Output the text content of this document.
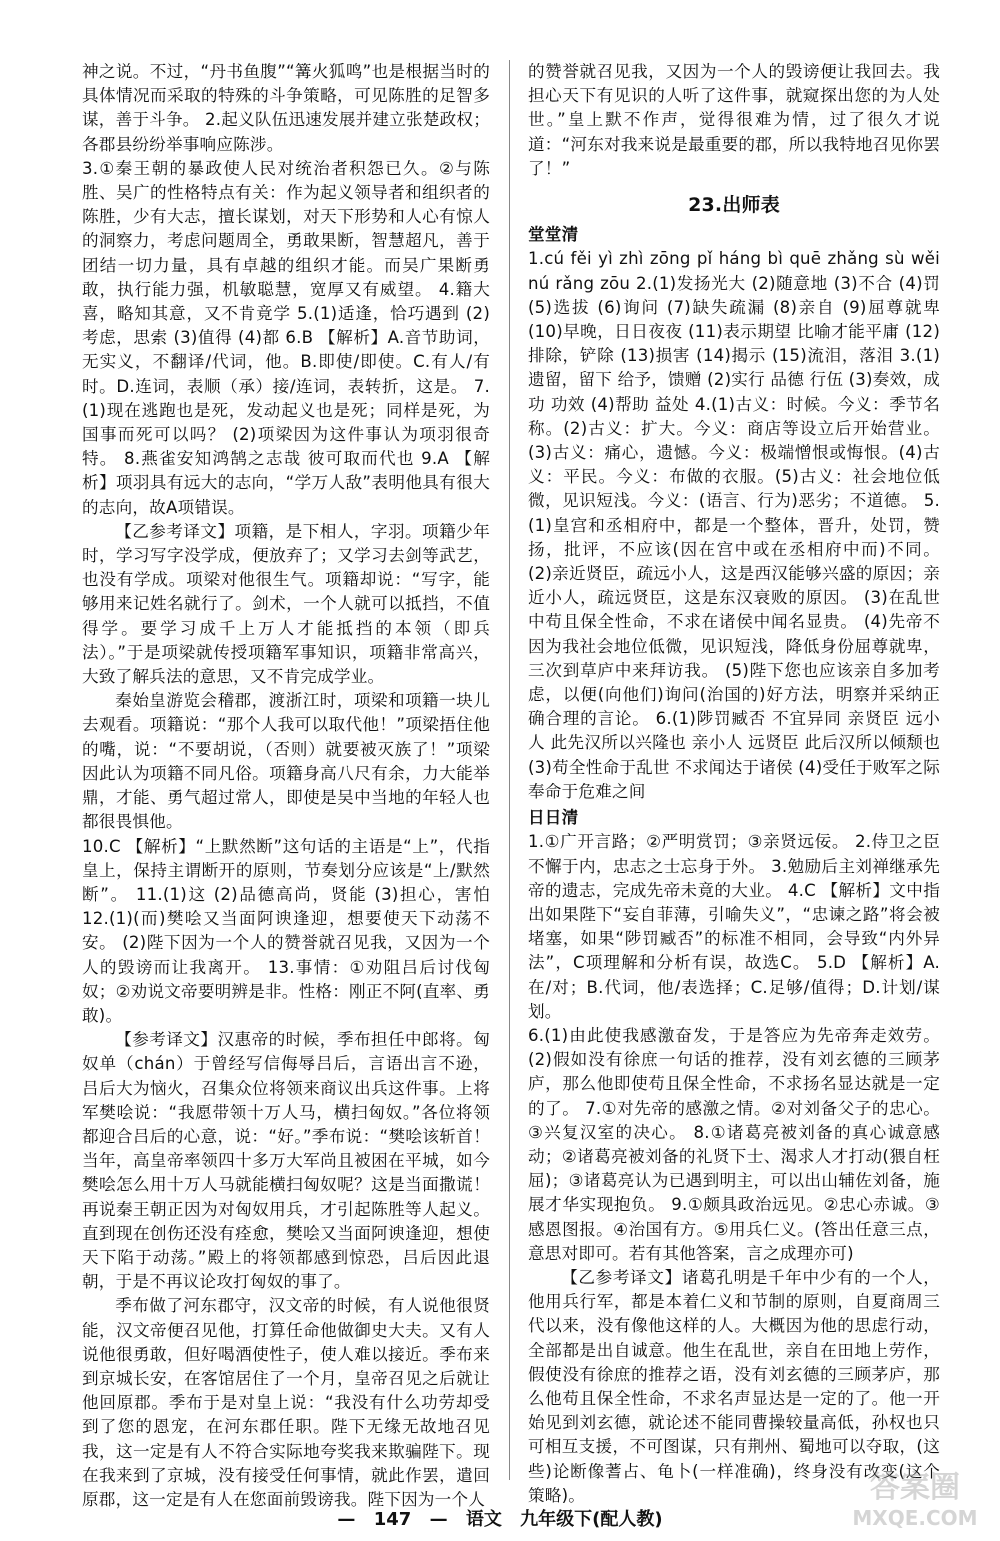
神之说。不过，“丹书鱼腹”“篝火狐鸣”也是根据当时的具体情况而采取的特殊的斗争策略，可见陈胜的足智多谋，善于斗争。 2.起义队伍迅速发展并建立张楚政权；各郡县纷纷举事响应陈涉。

3.①秦王朝的暴政使人民对统治者积怨已久。②与陈胜、吴广的性格特点有关：作为起义领导者和组织者的陈胜，少有大志，擅长谋划，对天下形势和人心有惊人的洞察力，考虑问题周全，勇敢果断，智慧超凡，善于团结一切力量，具有卓越的组织才能。而吴广果断勇敢，执行能力强，机敏聪慧，宽厚又有威望。 4.籍大喜，略知其意，又不肯竟学 5.(1)适逢，恰巧遇到 (2)考虑，思索 (3)值得 (4)都 6.B 【解析】A.音节助词，无实义，不翻译/代词，他。B.即使/即使。C.有人/有时。D.连词，表顺（承）接/连词，表转折，这是。 7.(1)现在逃跑也是死，发动起义也是死；同样是死，为国事而死可以吗？ (2)项梁因为这件事认为项羽很奇特。 8.燕雀安知鸿鹄之志哉 彼可取而代也 9.A 【解析】项羽具有远大的志向，“学万人敌”表明他具有很大的志向，故A项错误。

【乙参考译文】项籍，是下相人，字羽。项籍少年时，学习写字没学成，便放弃了；又学习去剑等武艺，也没有学成。项梁对他很生气。项籍却说：“写字，能够用来记姓名就行了。剑术，一个人就可以抵挡，不值得学。要学习成千上万人才能抵挡的本领（即兵法）。”于是项梁就传授项籍军事知识，项籍非常高兴，大致了解兵法的意思，又不肯完成学业。

秦始皇游览会稽郡，渡浙江时，项梁和项籍一块儿去观看。项籍说：“那个人我可以取代他！”项梁捂住他的嘴，说：“不要胡说，（否则）就要被灭族了！”项梁因此认为项籍不同凡俗。项籍身高八尺有余，力大能举鼎，才能、勇气超过常人，即使是吴中当地的年轻人也都很畏惧他。

10.C 【解析】“上默然断”这句话的主语是“上”，代指皇上，保持主谓断开的原则，节奏划分应该是“上/默然断”。 11.(1)这 (2)品德高尚，贤能 (3)担心，害怕 12.(1)(而)樊哙又当面阿谀逢迎，想要使天下动荡不安。 (2)陛下因为一个人的赞誉就召见我，又因为一个人的毁谤而让我离开。 13.事情：①劝阻吕后讨伐匈奴；②劝说文帝要明辨是非。性格：刚正不阿(直率、勇敢)。

【参考译文】汉惠帝的时候，季布担任中郎将。匈奴单（chán）于曾经写信侮辱吕后，言语出言不逊，吕后大为恼火，召集众位将领来商议出兵这件事。上将军樊哙说：“我愿带领十万人马，横扫匈奴。”各位将领都迎合吕后的心意，说：“好。”季布说：“樊哙该斩首！当年，高皇帝率领四十多万大军尚且被困在平城，如今樊哙怎么用十万人马就能横扫匈奴呢？这是当面撒谎！再说秦王朝正因为对匈奴用兵，才引起陈胜等人起义。直到现在创伤还没有痊愈，樊哙又当面阿谀逢迎，想使天下陷于动荡。”殿上的将领都感到惊恐，吕后因此退朝，于是不再议论攻打匈奴的事了。

季布做了河东郡守，汉文帝的时候，有人说他很贤能，汉文帝便召见他，打算任命他做御史大夫。又有人说他很勇敢，但好喝酒使性子，使人难以接近。季布来到京城长安，在客馆居住了一个月，皇帝召见之后就让他回原郡。季布于是对皇上说：“我没有什么功劳却受到了您的恩宠，在河东郡任职。陛下无缘无故地召见我，这一定是有人不符合实际地夸奖我来欺骗陛下。现在我来到了京城，没有接受任何事情，就此作罢，遣回原郡，这一定是有人在您面前毁谤我。陛下因为一个人

的赞誉就召见我，又因为一个人的毁谤便让我回去。我担心天下有见识的人听了这件事，就窥探出您的为人处世。”皇上默不作声，觉得很难为情，过了很久才说道：“河东对我来说是最重要的郡，所以我特地召见你罢了！”

23.出师表
堂堂清

1.cú fěi yì zhì zōng pǐ háng bì quē zhǎng sù wěi nú rǎng zōu 2.(1)发扬光大 (2)随意地 (3)不合 (4)罚 (5)选拔 (6)询问 (7)缺失疏漏 (8)亲自 (9)屈尊就卑 (10)早晚，日日夜夜 (11)表示期望 比喻才能平庸 (12)排除，铲除 (13)损害 (14)揭示 (15)流泪，落泪 3.(1)遗留，留下 给予，馈赠 (2)实行 品德 行伍 (3)奏效，成功 功效 (4)帮助 益处 4.(1)古义：时候。今义：季节名称。(2)古义：扩大。今义：商店等设立后开始营业。(3)古义：痛心，遗憾。今义：极端憎恨或悔恨。(4)古义：平民。今义：布做的衣服。(5)古义：社会地位低微，见识短浅。今义：(语言、行为)恶劣；不道德。 5.(1)皇宫和丞相府中，都是一个整体，晋升，处罚，赞扬，批评，不应该(因在宫中或在丞相府中而)不同。 (2)亲近贤臣，疏远小人，这是西汉能够兴盛的原因；亲近小人，疏远贤臣，这是东汉衰败的原因。 (3)在乱世中苟且保全性命，不求在诸侯中闻名显贵。 (4)先帝不因为我社会地位低微，见识短浅，降低身份屈尊就卑，三次到草庐中来拜访我。 (5)陛下您也应该亲自多加考虑，以便(向他们)询问(治国的)好方法，明察并采纳正确合理的言论。 6.(1)陟罚臧否 不宜异同 亲贤臣 远小人 此先汉所以兴隆也 亲小人 远贤臣 此后汉所以倾颓也 (3)苟全性命于乱世 不求闻达于诸侯 (4)受任于败军之际 奉命于危难之间

日日清

1.①广开言路；②严明赏罚；③亲贤远佞。 2.侍卫之臣不懈于内，忠志之士忘身于外。 3.勉励后主刘禅继承先帝的遗志，完成先帝未竟的大业。 4.C 【解析】文中指出如果陛下“妄自菲薄，引喻失义”，“忠谏之路”将会被堵塞，如果“陟罚臧否”的标准不相同，会导致“内外异法”，C项理解和分析有误，故选C。 5.D 【解析】A.在/对；B.代词，他/表选择；C.足够/值得；D.计划/谋划。

6.(1)由此使我感激奋发，于是答应为先帝奔走效劳。 (2)假如没有徐庶一句话的推荐，没有刘玄德的三顾茅庐，那么他即使苟且保全性命，不求扬名显达就是一定的了。 7.①对先帝的感激之情。②对刘备父子的忠心。③兴复汉室的决心。 8.①诸葛亮被刘备的真心诚意感动；②诸葛亮被刘备的礼贤下士、渴求人才打动(猥自枉屈)；③诸葛亮认为已遇到明主，可以出山辅佐刘备，施展才华实现抱负。 9.①颇具政治远见。②忠心赤诚。③感恩图报。④治国有方。⑤用兵仁义。(答出任意三点，意思对即可。若有其他答案，言之成理亦可)

【乙参考译文】诸葛孔明是千年中少有的一个人，他用兵行军，都是本着仁义和节制的原则，自夏商周三代以来，没有像他这样的人。大概因为他的思虑行动，全部都是出自诚意。他生在乱世，亲自在田地上劳作，假使没有徐庶的推荐之语，没有刘玄德的三顾茅庐，那么他苟且保全性命，不求名声显达是一定的了。他一开始见到刘玄德，就论述不能同曹操较量高低，孙权也只可相互支援，不可图谋，只有荆州、蜀地可以夺取，(这些)论断像蓍占、龟卜(一样准确)，终身没有改变(这个策略)。

— 147 — 语文 九年级下(配人教)
答案圈
MXQE.COM
